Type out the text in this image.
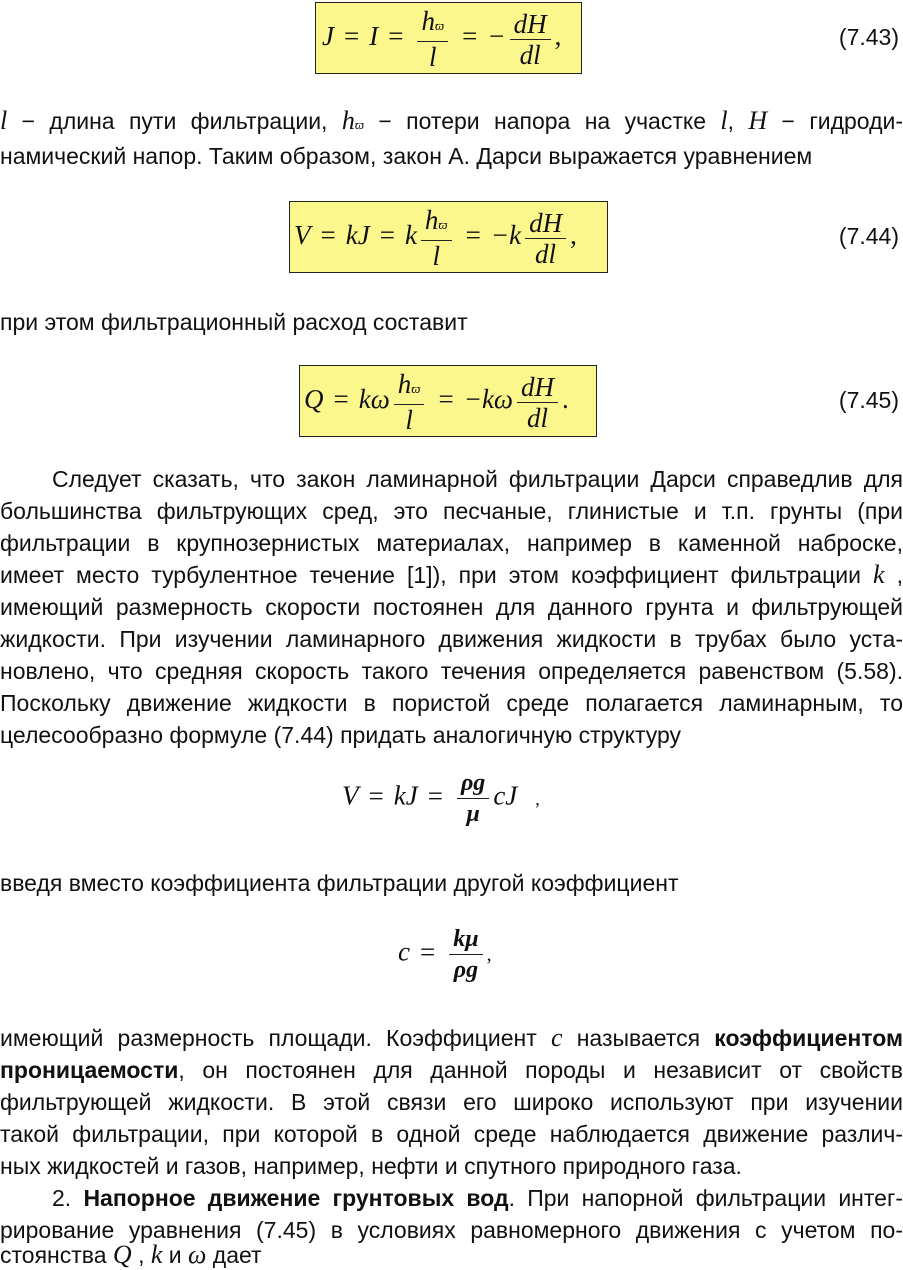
$J = I = \frac{hϖ}{l}$ = − $\frac{dH}{dl}$ ,	(7.43)
l − длина пути фильтрации, hϖ − потери напора на участке l, H − гидроди-
намический напор. Таким образом, закон А. Дарси выражается уравнением
V = kJ = k $\frac{hϖ}{l} = -k \frac{dH}{dl}$ ,	(7.44)
при этом фильтрационный расход составит
Q = kω $\frac{hϖ}{l} = -k\omega \frac{dH}{dl}$ .	(7.45)
Следует сказать, что закон ламинарной фильтрации Дарси справедлив для
большинства фильтрующих сред, это песчаные, глинистые и т.п. грунты (при
фильтрации в крупнозернистых материалах, например в каменной наброске,
имеет место турбулентное течение [1]), при этом коэффициент фильтрации k ,
имеющий размерность скорости постоянен для данного грунта и фильтрующей
жидкости. При изучении ламинарного движения жидкости в трубах было уста-
новлено, что средняя скорость такого течения определяется равенством (5.58).
Поскольку движение жидкости в пористой среде полагается ламинарным, то
целесообразно формуле (7.44) придать аналогичную структуру
V = kJ = $\frac{\rho g}{\mu}$ cJ ,
введя вместо коэффициента фильтрации другой коэффициент
$c = \frac{k\mu}{\rho g}$ ,
имеющий размерность площади. Коэффициент c называется коэффициентом
проницаемости, он постоянен для данной породы и независит от свойств
фильтрующей жидкости. В этой связи его широко используют при изучении
такой фильтрации, при которой в одной среде наблюдается движение различ-
ных жидкостей и газов, например, нефти и спутного природного газа.
2. Напорное движение грунтовых вод. При напорной фильтрации интег-
рирование уравнения (7.45) в условиях равномерного движения с учетом по-
стоянства Q , k и ω дает
